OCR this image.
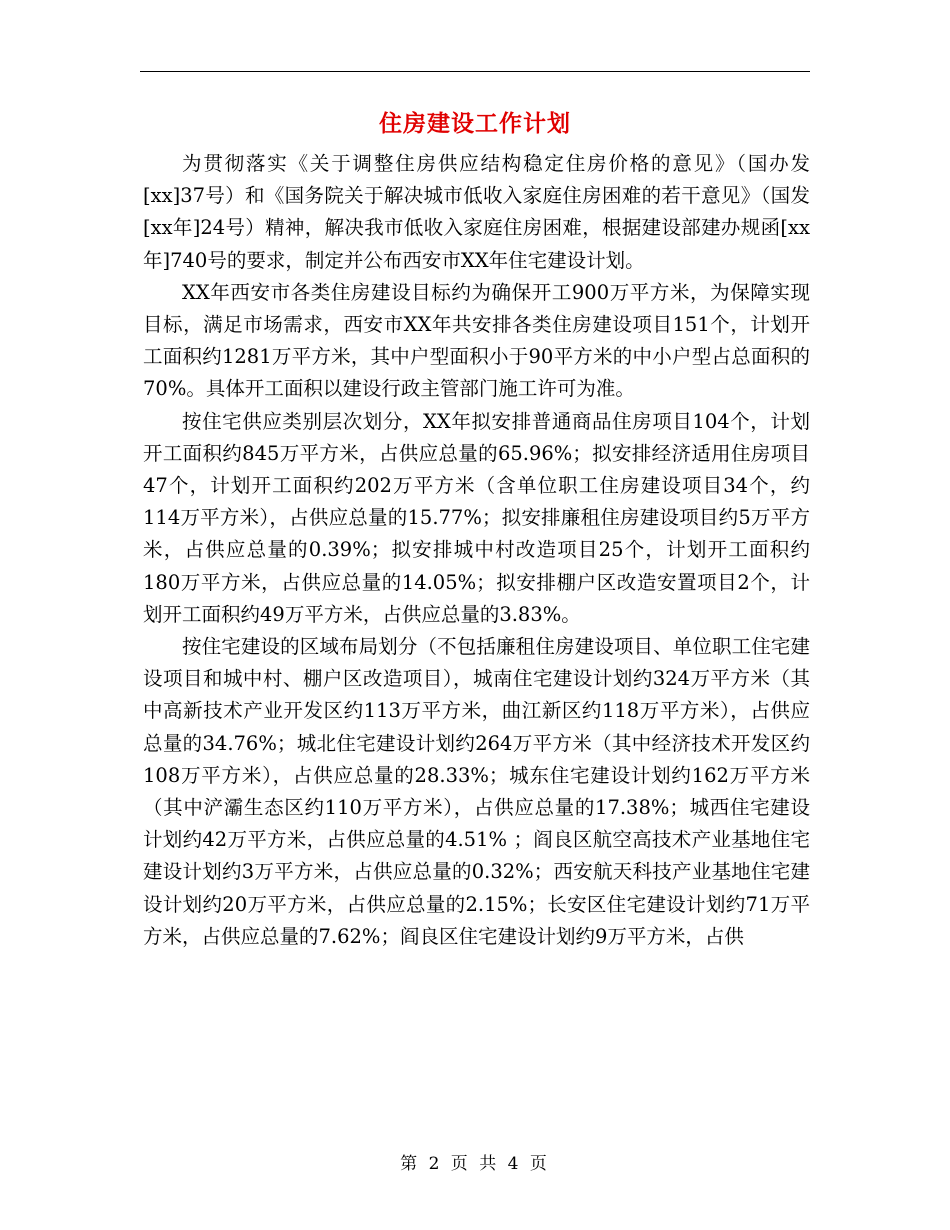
住房建设工作计划

为贯彻落实《关于调整住房供应结构稳定住房价格的意见》（国办发[xx]37号）和《国务院关于解决城市低收入家庭住房困难的若干意见》（国发[xx年]24号）精神，解决我市低收入家庭住房困难，根据建设部建办规函[xx年]740号的要求，制定并公布西安市XX年住宅建设计划。

XX年西安市各类住房建设目标约为确保开工900万平方米，为保障实现目标，满足市场需求，西安市XX年共安排各类住房建设项目151个，计划开工面积约1281万平方米，其中户型面积小于90平方米的中小户型占总面积的70%。具体开工面积以建设行政主管部门施工许可为准。

按住宅供应类别层次划分，XX年拟安排普通商品住房项目104个，计划开工面积约845万平方米，占供应总量的65.96%；拟安排经济适用住房项目47个，计划开工面积约202万平方米（含单位职工住房建设项目34个，约114万平方米），占供应总量的15.77%；拟安排廉租住房建设项目约5万平方米，占供应总量的0.39%；拟安排城中村改造项目25个，计划开工面积约180万平方米，占供应总量的14.05%；拟安排棚户区改造安置项目2个，计划开工面积约49万平方米，占供应总量的3.83%。

按住宅建设的区域布局划分（不包括廉租住房建设项目、单位职工住宅建设项目和城中村、棚户区改造项目），城南住宅建设计划约324万平方米（其中高新技术产业开发区约113万平方米，曲江新区约118万平方米），占供应总量的34.76%；城北住宅建设计划约264万平方米（其中经济技术开发区约108万平方米），占供应总量的28.33%；城东住宅建设计划约162万平方米（其中浐灞生态区约110万平方米），占供应总量的17.38%；城西住宅建设计划约42万平方米，占供应总量的4.51% ；阎良区航空高技术产业基地住宅建设计划约3万平方米，占供应总量的0.32%；西安航天科技产业基地住宅建设计划约20万平方米，占供应总量的2.15%；长安区住宅建设计划约71万平方米，占供应总量的7.62%；阎良区住宅建设计划约9万平方米，占供

第 2 页 共 4 页
